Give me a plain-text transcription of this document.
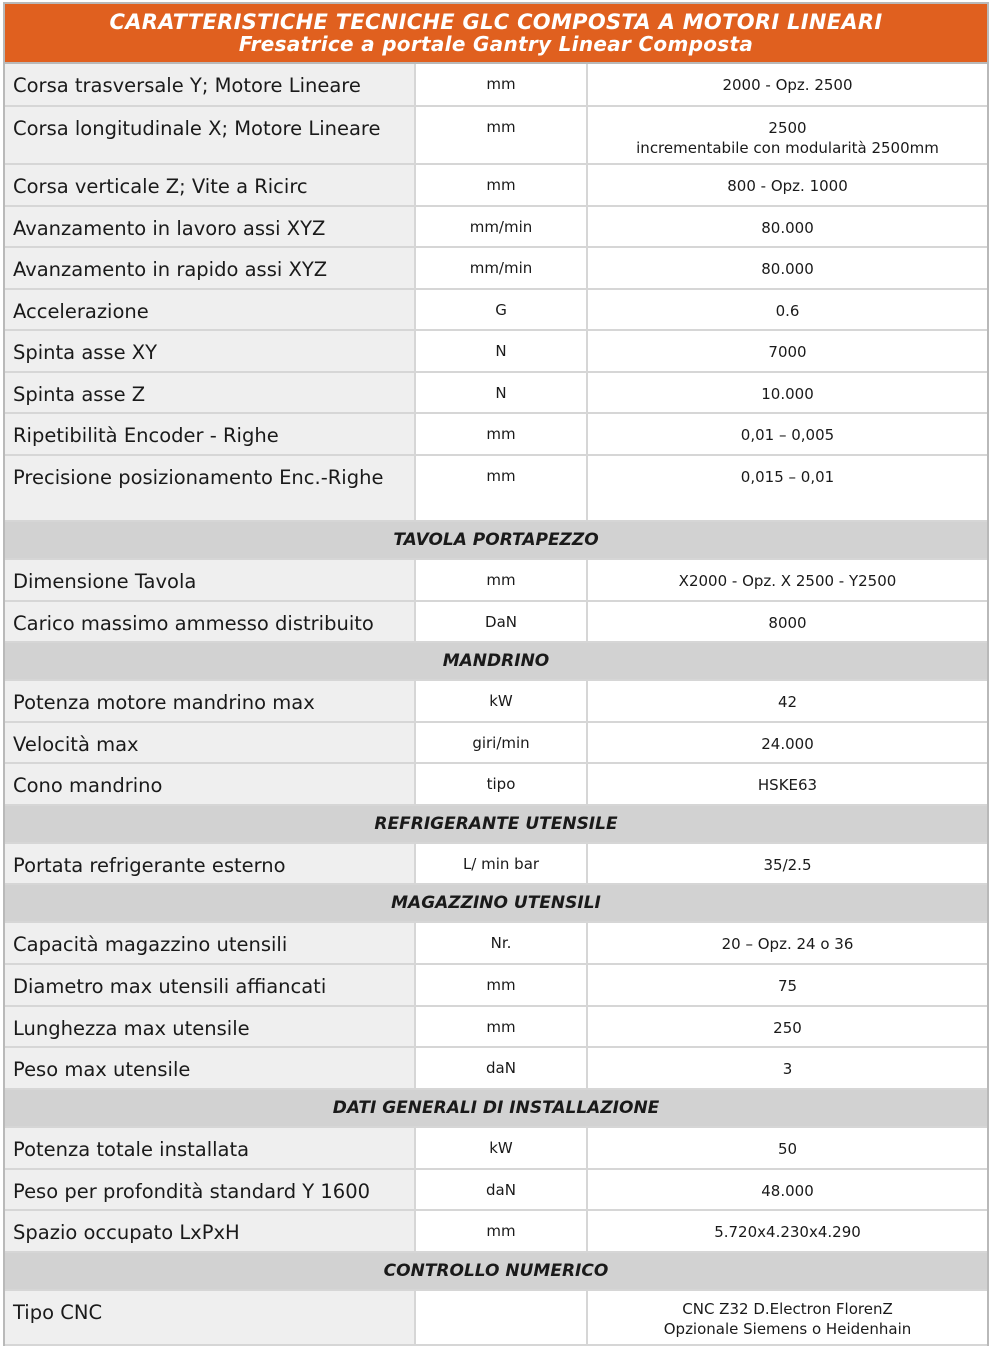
CARATTERISTICHE TECNICHE GLC COMPOSTA A MOTORI LINEARI
Fresatrice a portale Gantry Linear Composta
Corsa trasversale Y; Motore Lineare	mm	2000 - Opz. 2500
Corsa longitudinale X; Motore Lineare	mm	2500
incrementabile con modularità 2500mm

Corsa verticale Z; Vite a Ricirc	mm	800 - Opz. 1000
Avanzamento in lavoro assi XYZ	mm/min	80.000
Avanzamento in rapido assi XYZ	mm/min	80.000
Accelerazione	G	0.6
Spinta asse XY	N	7000
Spinta asse Z	N	10.000
Ripetibilità Encoder - Righe	mm	0,01 – 0,005
Precisione posizionamento Enc.-Righe	mm	0,015 – 0,01
TAVOLA PORTAPEZZO		
Dimensione Tavola	mm	X2000 - Opz. X 2500 - Y2500
Carico massimo ammesso distribuito	DaN	8000
MANDRINO		
Potenza motore mandrino max	kW	42
Velocità max	giri/min	24.000
Cono mandrino	tipo	HSKE63
REFRIGERANTE UTENSILE		
Portata refrigerante esterno	L/ min bar	35/2.5
MAGAZZINO UTENSILI		
Capacità magazzino utensili	Nr.	20 – Opz. 24 o 36
Diametro max utensili affiancati	mm	75
Lunghezza max utensile	mm	250
Peso max utensile	daN	3
DATI GENERALI DI INSTALLAZIONE		
Potenza totale installata	kW	50
Peso per profondità standard Y 1600	daN	48.000
Spazio occupato LxPxH	mm	5.720x4.230x4.290
CONTROLLO NUMERICO		
Tipo CNC		CNC Z32 D.Electron FlorenZ
Opzionale Siemens o Heidenhain
